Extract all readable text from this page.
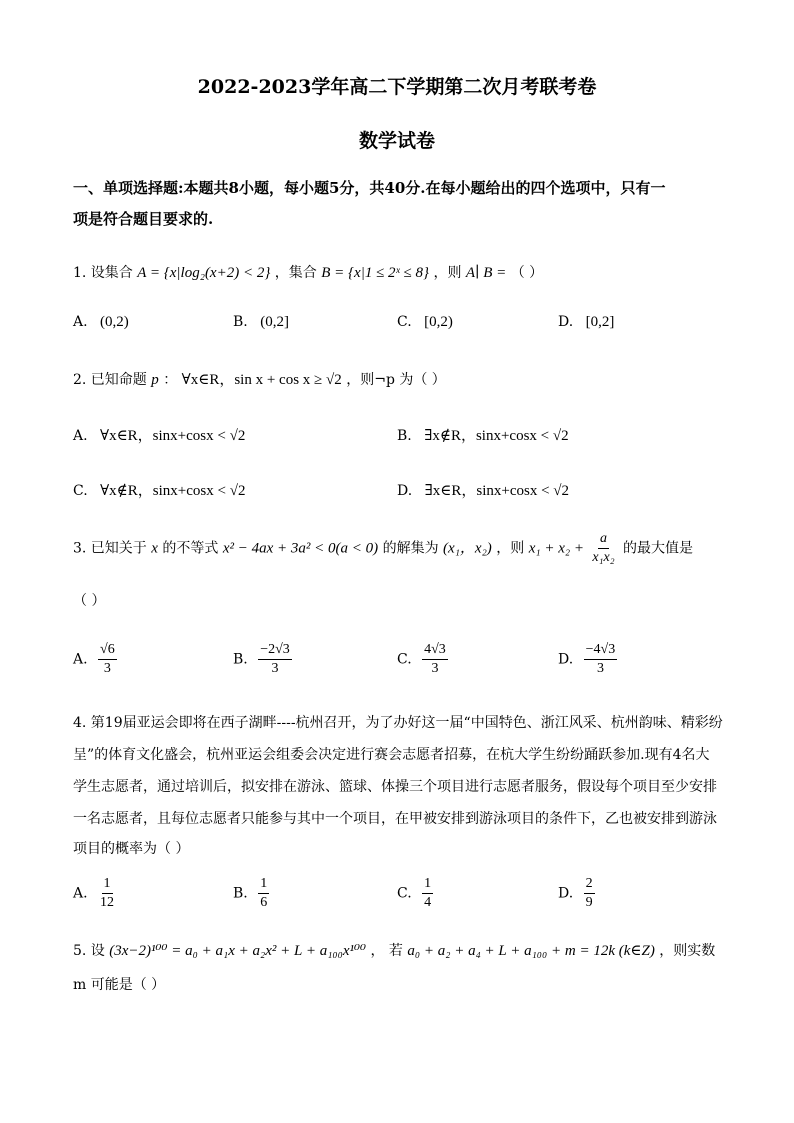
2022-2023学年高二下学期第二次月考联考卷
数学试卷
一、单项选择题:本题共8小题，每小题5分，共40分.在每小题给出的四个选项中，只有一
项是符合题目要求的.
1. 设集合 A = {x|log₂(x+2) < 2} ，集合 B = {x|1 ≤ 2ˣ ≤ 8} ，则 A∣ B = （ ）
A. (0,2)	B. (0,2]	C. [0,2)	D. [0,2]
2. 已知命题 p ： ∀x∈R，sin x + cos x ≥ √2 ，则¬p 为（ ）
A. ∀x∈R，sinx+cosx < √2	B. ∃x∉R，sinx+cosx < √2
C. ∀x∉R，sinx+cosx < √2	D. ∃x∈R，sinx+cosx < √2
3. 已知关于 x 的不等式 x² − 4ax + 3a² < 0(a < 0) 的解集为 (x₁，x₂) ，则 $x_1 + x_2 + \frac{a}{\text{x₁x₂}}$ 的最大值是
（ ）
A. $\frac{√6}{3}$	B. $\frac{-2√3}{3}$	C. $\frac{4√3}{3}$	D. $\frac{-4√3}{3}$
4. 第19届亚运会即将在西子湖畔----杭州召开，为了办好这一届“中国特色、浙江风采、杭州韵味、精彩纷
呈”的体育文化盛会，杭州亚运会组委会决定进行赛会志愿者招募，在杭大学生纷纷踊跃参加.现有4名大
学生志愿者，通过培训后，拟安排在游泳、篮球、体操三个项目进行志愿者服务，假设每个项目至少安排
一名志愿者，且每位志愿者只能参与其中一个项目，在甲被安排到游泳项目的条件下，乙也被安排到游泳
项目的概率为（ ）
A. $\frac{1}{12}$	B. $\frac{1}{6}$	C. $\frac{1}{4}$	D. $\frac{2}{9}$
5. 设 (3x−2)¹⁰⁰ = a₀ + a₁x + a₂x² + L + a₁₀₀x¹⁰⁰ ， 若 a₀ + a₂ + a₄ + L + a₁₀₀ + m = 12k (k∈Z) ，则实数
m 可能是（ ）
